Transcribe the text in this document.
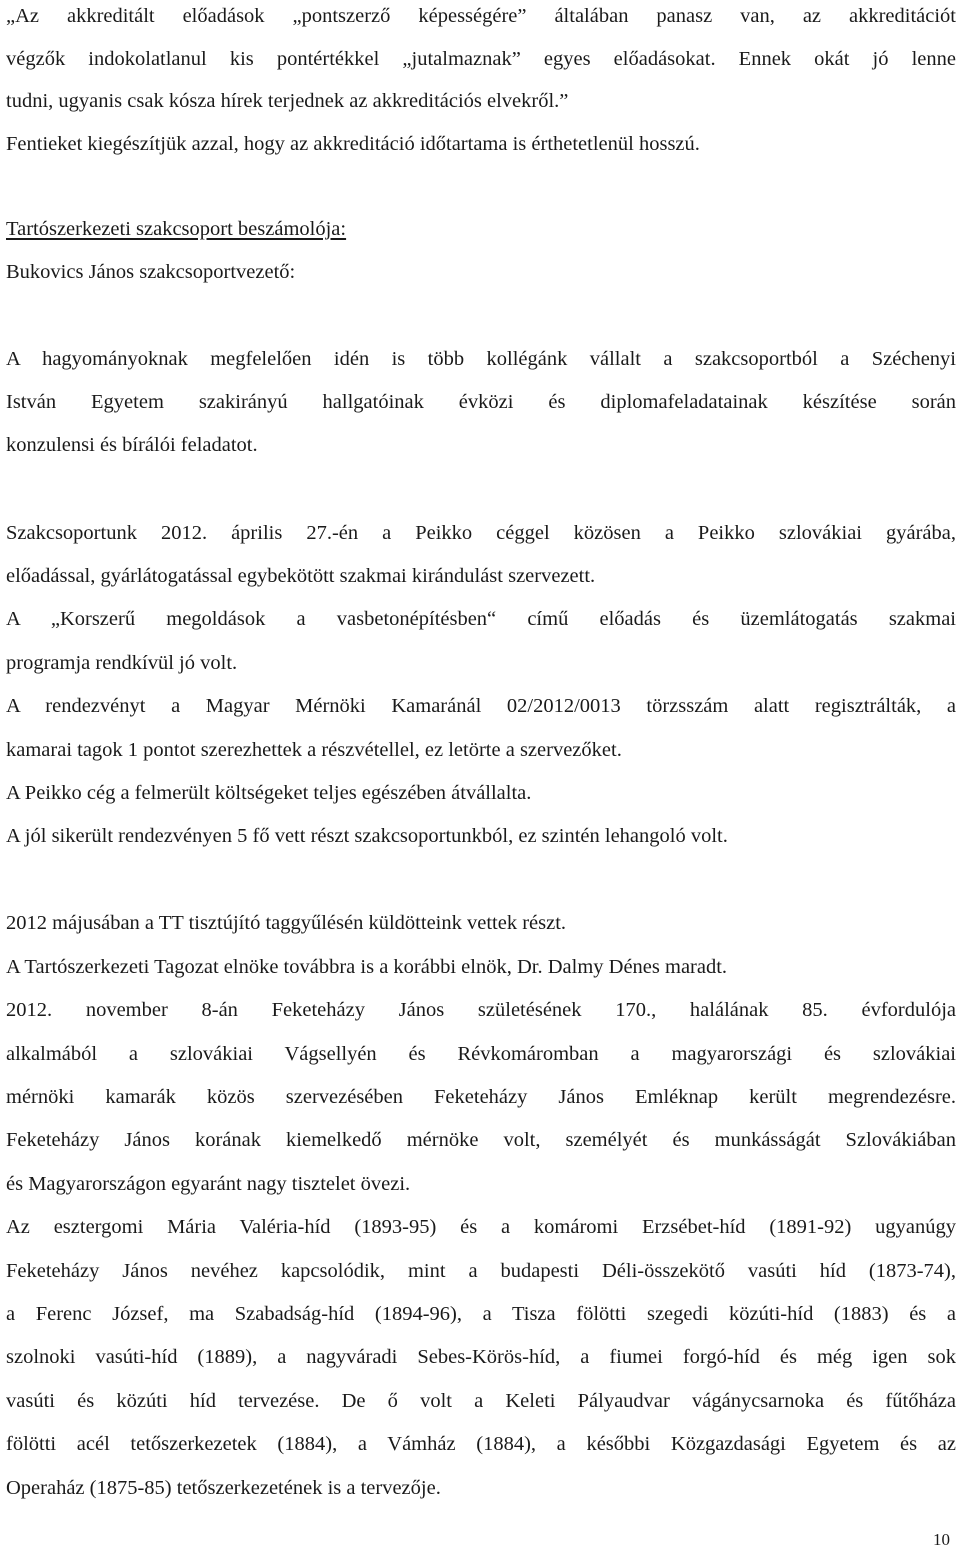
„Az akkreditált előadások „pontszerző képességére” általában panasz van, az akkreditációt
végzők indokolatlanul kis pontértékkel „jutalmaznak” egyes előadásokat. Ennek okát jó lenne
tudni, ugyanis csak kósza hírek terjednek az akkreditációs elvekről.”
Fentieket kiegészítjük azzal, hogy az akkreditáció időtartama is érthetetlenül hosszú.
Tartószerkezeti szakcsoport beszámolója:
Bukovics János szakcsoportvezető:
A hagyományoknak megfelelően idén is több kollégánk vállalt a szakcsoportból a Széchenyi
István Egyetem szakirányú hallgatóinak évközi és diplomafeladatainak készítése során
konzulensi és bírálói feladatot.
Szakcsoportunk 2012. április 27.-én a Peikko céggel közösen a Peikko szlovákiai gyárába,
előadással, gyárlátogatással egybekötött szakmai kirándulást szervezett.
A „Korszerű megoldások a vasbetonépítésben“ című előadás és üzemlátogatás szakmai
programja rendkívül jó volt.
A rendezvényt a Magyar Mérnöki Kamaránál 02/2012/0013 törzsszám alatt regisztrálták, a
kamarai tagok 1 pontot szerezhettek a részvétellel, ez letörte a szervezőket.
A Peikko cég a felmerült költségeket teljes egészében átvállalta.
A jól sikerült rendezvényen 5 fő vett részt szakcsoportunkból, ez szintén lehangoló volt.
2012 májusában a TT tisztújító taggyűlésén küldötteink vettek részt.
A Tartószerkezeti Tagozat elnöke továbbra is a korábbi elnök, Dr. Dalmy Dénes maradt.
2012. november 8-án Feketeházy János születésének 170., halálának 85. évfordulója
alkalmából a szlovákiai Vágsellyén és Révkomáromban a magyarországi és szlovákiai
mérnöki kamarák közös szervezésében Feketeházy János Emléknap került megrendezésre.
Feketeházy János korának kiemelkedő mérnöke volt, személyét és munkásságát Szlovákiában
és Magyarországon egyaránt nagy tisztelet övezi.
Az esztergomi Mária Valéria-híd (1893-95) és a komáromi Erzsébet-híd (1891-92) ugyanúgy
Feketeházy János nevéhez kapcsolódik, mint a budapesti Déli-összekötő vasúti híd (1873-74),
a Ferenc József, ma Szabadság-híd (1894-96), a Tisza fölötti szegedi közúti-híd (1883) és a
szolnoki vasúti-híd (1889), a nagyváradi Sebes-Körös-híd, a fiumei forgó-híd és még igen sok
vasúti és közúti híd tervezése. De ő volt a Keleti Pályaudvar vágánycsarnoka és fűtőháza
fölötti acél tetőszerkezetek (1884), a Vámház (1884), a későbbi Közgazdasági Egyetem és az
Operaház (1875-85) tetőszerkezetének is a tervezője.
10
